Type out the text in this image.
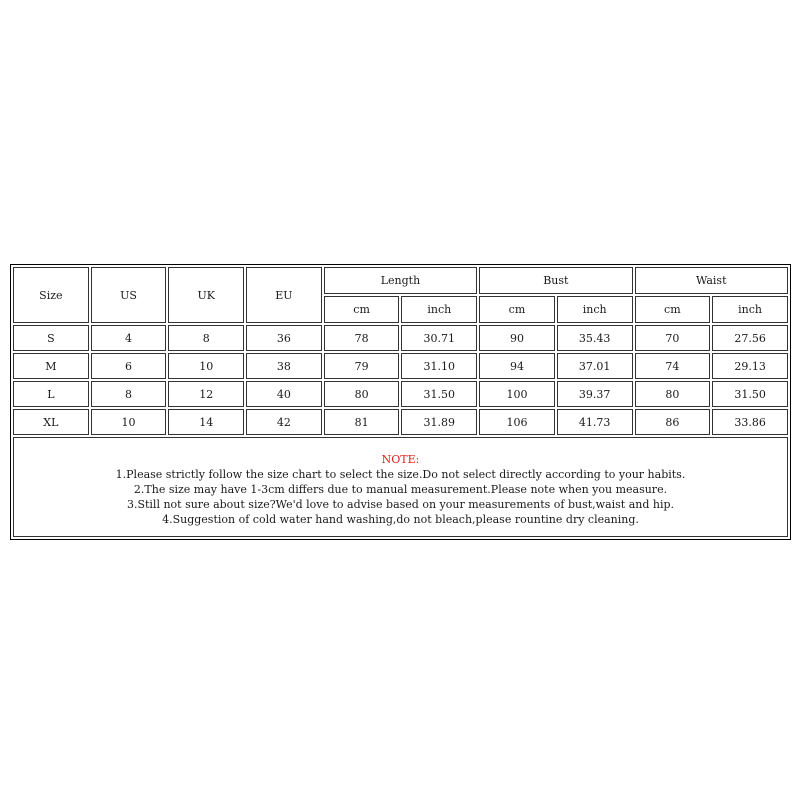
Size	US	UK	EU	Length		Bust		Waist	
				cm	inch	cm	inch	cm	inch
S	4	8	36	78	30.71	90	35.43	70	27.56
M	6	10	38	79	31.10	94	37.01	74	29.13
L	8	12	40	80	31.50	100	39.37	80	31.50
XL	10	14	42	81	31.89	106	41.73	86	33.86
NOTE:
1.Please strictly follow the size chart to select the size.Do not select directly according to your habits.
2.The size may have 1-3cm differs due to manual measurement.Please note when you measure.
3.Still not sure about size?We'd love to advise based on your measurements of bust,waist and hip.
4.Suggestion of cold water hand washing,do not bleach,please rountine dry cleaning.
